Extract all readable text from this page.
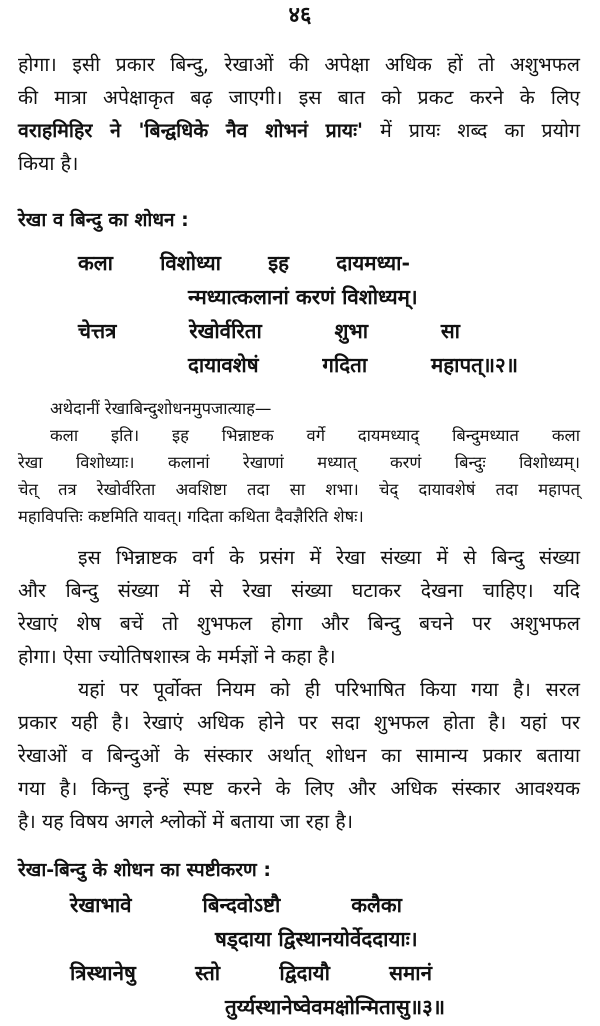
४६
होगा। इसी प्रकार बिन्दु, रेखाओं की अपेक्षा अधिक हों तो अशुभफल
की मात्रा अपेक्षाकृत बढ़ जाएगी। इस बात को प्रकट करने के लिए
वराहमिहिर ने 'बिन्द्वधिके नैव शोभनं प्रायः' में प्रायः शब्द का प्रयोग
किया है।
रेखा व बिन्दु का शोधन :
कला विशोध्या इह दायमध्या-
न्मध्यात्कलानां करणं विशोध्यम्।
चेत्तत्र रेखोर्वरिता शुभा सा
दायावशेषं गदिता महापत्॥२॥
अथेदानीं रेखाबिन्दुशोधनमुपजात्याह—
कला इति। इह भिन्नाष्टक वर्गे दायमध्याद् बिन्दुमध्यात कला
रेखा विशोध्याः। कलानां रेखाणां मध्यात् करणं बिन्दुः विशोध्यम्।
चेत् तत्र रेखोर्वरिता अवशिष्टा तदा सा शभा। चेद् दायावशेषं तदा महापत्
महाविपत्तिः कष्टमिति यावत्। गदिता कथिता दैवज्ञैरिति शेषः।
इस भिन्नाष्टक वर्ग के प्रसंग में रेखा संख्या में से बिन्दु संख्या
और बिन्दु संख्या में से रेखा संख्या घटाकर देखना चाहिए। यदि
रेखाएं शेष बचें तो शुभफल होगा और बिन्दु बचने पर अशुभफल
होगा। ऐसा ज्योतिषशास्त्र के मर्मज्ञों ने कहा है।
यहां पर पूर्वोक्त नियम को ही परिभाषित किया गया है। सरल
प्रकार यही है। रेखाएं अधिक होने पर सदा शुभफल होता है। यहां पर
रेखाओं व बिन्दुओं के संस्कार अर्थात् शोधन का सामान्य प्रकार बताया
गया है। किन्तु इन्हें स्पष्ट करने के लिए और अधिक संस्कार आवश्यक
है। यह विषय अगले श्लोकों में बताया जा रहा है।
रेखा-बिन्दु के शोधन का स्पष्टीकरण :
रेखाभावे बिन्दवोऽष्टौ कलैका
षड्दाया द्विस्थानयोर्वेददायाः।
त्रिस्थानेषु स्तो द्विदायौ समानं
तुर्य्यस्थानेष्वेवमक्षोन्मितासु॥३॥
